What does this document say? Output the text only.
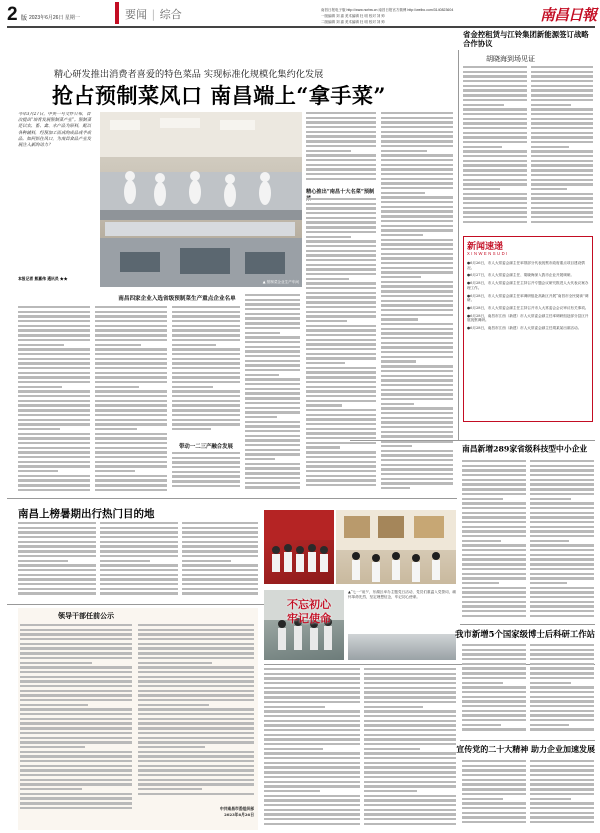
2 版 2023年6月26日 星期一	要闻 | 综合	南昌日报电子版 http://www.ncrbw.cn 南昌日报官方微博 http://weibo.com/3140823604
一版编辑 刘 嘉 美术编辑 杜 明 校对 刘 帅
二版编辑 刘 嘉 美术编辑 杜 明 校对 刘 帅	南昌日報
精心研发推出消费者喜爱的特色菜品 实现标准化规模化集约化发展
抢占预制菜风口 南昌端上“拿手菜”
今年3月27日，中央一号文件公布，首次提出“培育发展预制菜产业”。预制菜是以农、畜、禽、水产品为原料，配以各种辅料，经预加工而成的成品或半成品。如何抓住风口，为南昌食品产业发展注入新的动力？
本报记者 熊嘉伟 通讯员 ★★
▲ 预制菜企业生产车间
南昌四家企业入选省级预制菜生产重点企业名单
带动一二三产融合发展
精心推出“南昌十大名菜”预制
省金控租赁与江铃集团新能源签订战略合作协议
胡晓海到场见证
新闻速递
XINWENSUDI
●6月26日，市人大常委会副主任率领部分代表视察市政府重点项目建设情况。
●6月27日，市人大常委会副主任、胡晓海深入我市企业开展调研。
●6月28日，市人大常委会副主任主持召开专题会议研究推进人大代表议案办理工作。
●6月28日，市人大常委会副主任率调研组赴高新区开展“南昌市全民阅读”调研。
●6月28日，市人大常委会副主任主持召开市人大常委会会议审议有关事项。
●6月28日，南昌市江西（新建）市人大常委会副主任率调研组赴部分县区开展视察调研。
●6月28日，南昌市江西（新建）市人大常委会副主任胡某某出席活动。
南昌新增289家省级科技型中小企业
南昌上榜暑期出行热门目的地
领导干部任前公示
中共南昌市委组织部
2023年6月26日
不忘初心
牢记使命
▲“七一”前夕，东湖区举办主题党日活动，党员们重温入党誓词，缅怀革命先烈，坚定理想信念，牢记初心使命。
我市新增5个国家级博士后科研工作站
宣传党的二十大精神 助力企业加速发展
